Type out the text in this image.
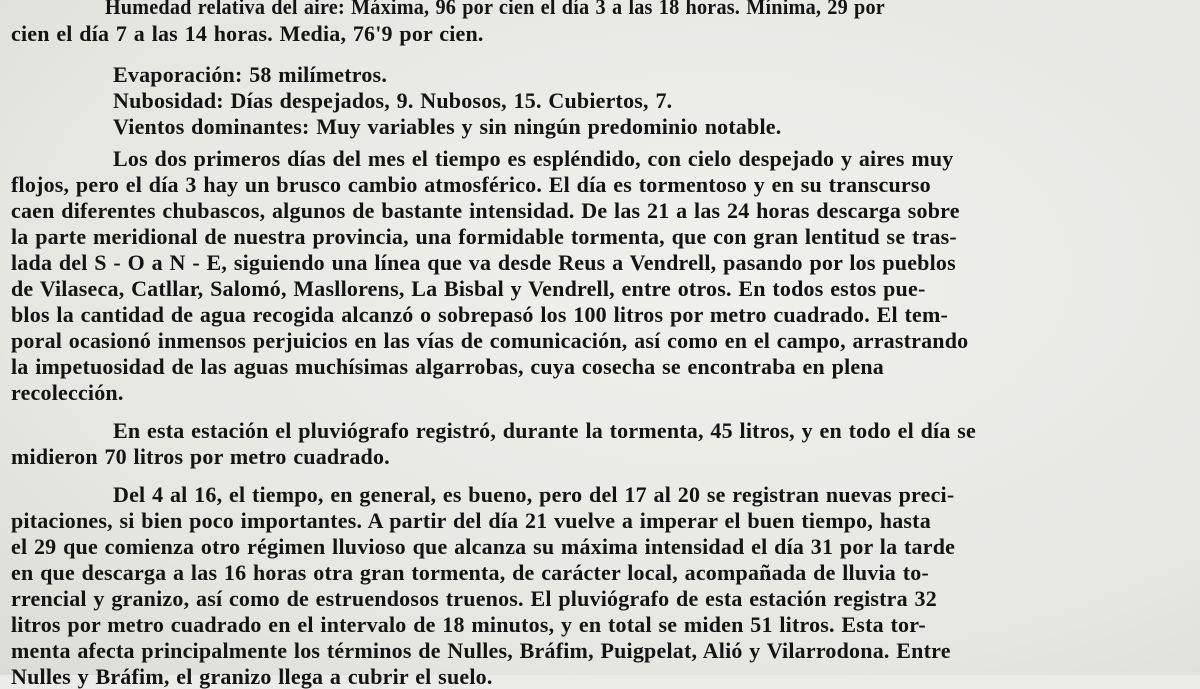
Humedad relativa del aire: Máxima, 96 por cien el día 3 a las 18 horas. Mínima, 29 por
cien el día 7 a las 14 horas. Media, 76'9 por cien.
Evaporación: 58 milímetros.
Nubosidad: Días despejados, 9. Nubosos, 15. Cubiertos, 7.
Vientos dominantes: Muy variables y sin ningún predominio notable.
Los dos primeros días del mes el tiempo es espléndido, con cielo despejado y aires muy
flojos, pero el día 3 hay un brusco cambio atmosférico. El día es tormentoso y en su transcurso
caen diferentes chubascos, algunos de bastante intensidad. De las 21 a las 24 horas descarga sobre
la parte meridional de nuestra provincia, una formidable tormenta, que con gran lentitud se tras-
lada del S - O a N - E, siguiendo una línea que va desde Reus a Vendrell, pasando por los pueblos
de Vilaseca, Catllar, Salomó, Masllorens, La Bisbal y Vendrell, entre otros. En todos estos pue-
blos la cantidad de agua recogida alcanzó o sobrepasó los 100 litros por metro cuadrado. El tem-
poral ocasionó inmensos perjuicios en las vías de comunicación, así como en el campo, arrastrando
la impetuosidad de las aguas muchísimas algarrobas, cuya cosecha se encontraba en plena
recolección.
En esta estación el pluviógrafo registró, durante la tormenta, 45 litros, y en todo el día se
midieron 70 litros por metro cuadrado.
Del 4 al 16, el tiempo, en general, es bueno, pero del 17 al 20 se registran nuevas preci-
pitaciones, si bien poco importantes. A partir del día 21 vuelve a imperar el buen tiempo, hasta
el 29 que comienza otro régimen lluvioso que alcanza su máxima intensidad el día 31 por la tarde
en que descarga a las 16 horas otra gran tormenta, de carácter local, acompañada de lluvia to-
rrencial y granizo, así como de estruendosos truenos. El pluviógrafo de esta estación registra 32
litros por metro cuadrado en el intervalo de 18 minutos, y en total se miden 51 litros. Esta tor-
menta afecta principalmente los términos de Nulles, Bráfim, Puigpelat, Alió y Vilarrodona. Entre
Nulles y Bráfim, el granizo llega a cubrir el suelo.
